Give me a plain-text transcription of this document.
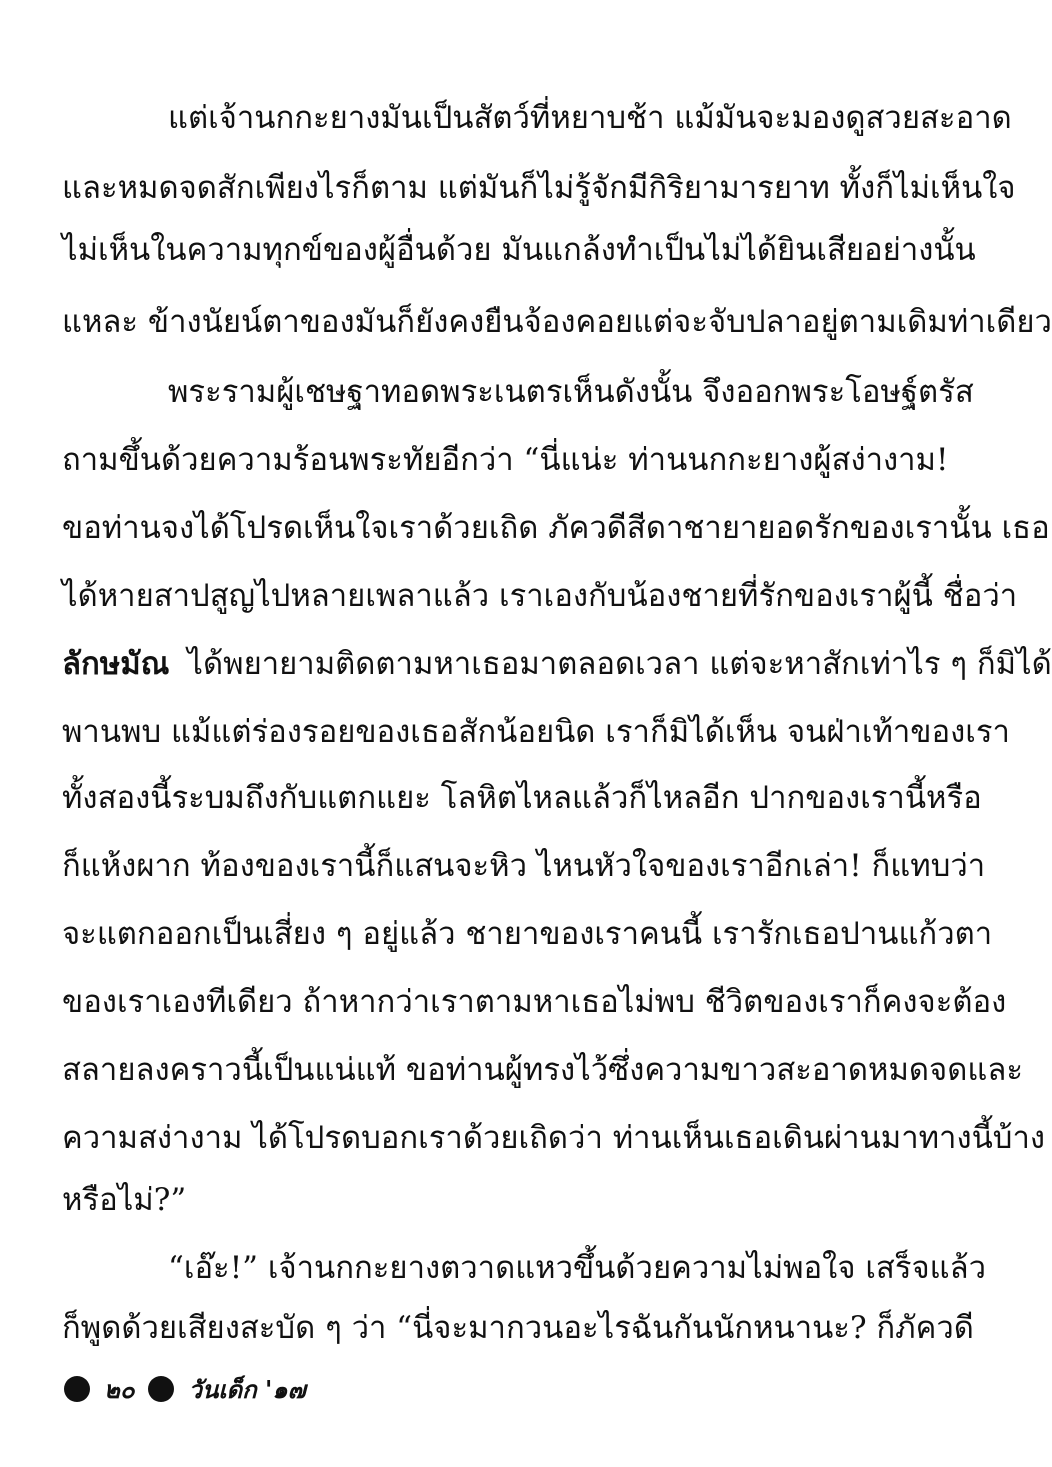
แต่เจ้านกกะยางมันเป็นสัตว์ที่หยาบช้า แม้มันจะมองดูสวยสะอาด
และหมดจดสักเพียงไรก็ตาม แต่มันก็ไม่รู้จักมีกิริยามารยาท ทั้งก็ไม่เห็นใจ
ไม่เห็นในความทุกข์ของผู้อื่นด้วย มันแกล้งทำเป็นไม่ได้ยินเสียอย่างนั้น
แหละ ข้างนัยน์ตาของมันก็ยังคงยืนจ้องคอยแต่จะจับปลาอยู่ตามเดิมท่าเดียว
พระรามผู้เชษฐาทอดพระเนตรเห็นดังนั้น จึงออกพระโอษฐ์ตรัส
ถามขึ้นด้วยความร้อนพระทัยอีกว่า “นี่แน่ะ ท่านนกกะยางผู้สง่างาม!
ขอท่านจงได้โปรดเห็นใจเราด้วยเถิด ภัควดีสีดาชายายอดรักของเรานั้น เธอ
ได้หายสาปสูญไปหลายเพลาแล้ว เราเองกับน้องชายที่รักของเราผู้นี้ ชื่อว่า
ลักษมัณ ได้พยายามติดตามหาเธอมาตลอดเวลา แต่จะหาสักเท่าไร ๆ ก็มิได้
พานพบ แม้แต่ร่องรอยของเธอสักน้อยนิด เราก็มิได้เห็น จนฝ่าเท้าของเรา
ทั้งสองนี้ระบมถึงกับแตกแยะ โลหิตไหลแล้วก็ไหลอีก ปากของเรานี้หรือ
ก็แห้งผาก ท้องของเรานี้ก็แสนจะหิว ไหนหัวใจของเราอีกเล่า! ก็แทบว่า
จะแตกออกเป็นเสี่ยง ๆ อยู่แล้ว ชายาของเราคนนี้ เรารักเธอปานแก้วตา
ของเราเองทีเดียว ถ้าหากว่าเราตามหาเธอไม่พบ ชีวิตของเราก็คงจะต้อง
สลายลงคราวนี้เป็นแน่แท้ ขอท่านผู้ทรงไว้ซึ่งความขาวสะอาดหมดจดและ
ความสง่างาม ได้โปรดบอกเราด้วยเถิดว่า ท่านเห็นเธอเดินผ่านมาทางนี้บ้าง
หรือไม่?”
“เอ๊ะ!” เจ้านกกะยางตวาดแหวขึ้นด้วยความไม่พอใจ เสร็จแล้ว
ก็พูดด้วยเสียงสะบัด ๆ ว่า “นี่จะมากวนอะไรฉันกันนักหนานะ? ก็ภัควดี
๒๐ วันเด็ก '๑๗
